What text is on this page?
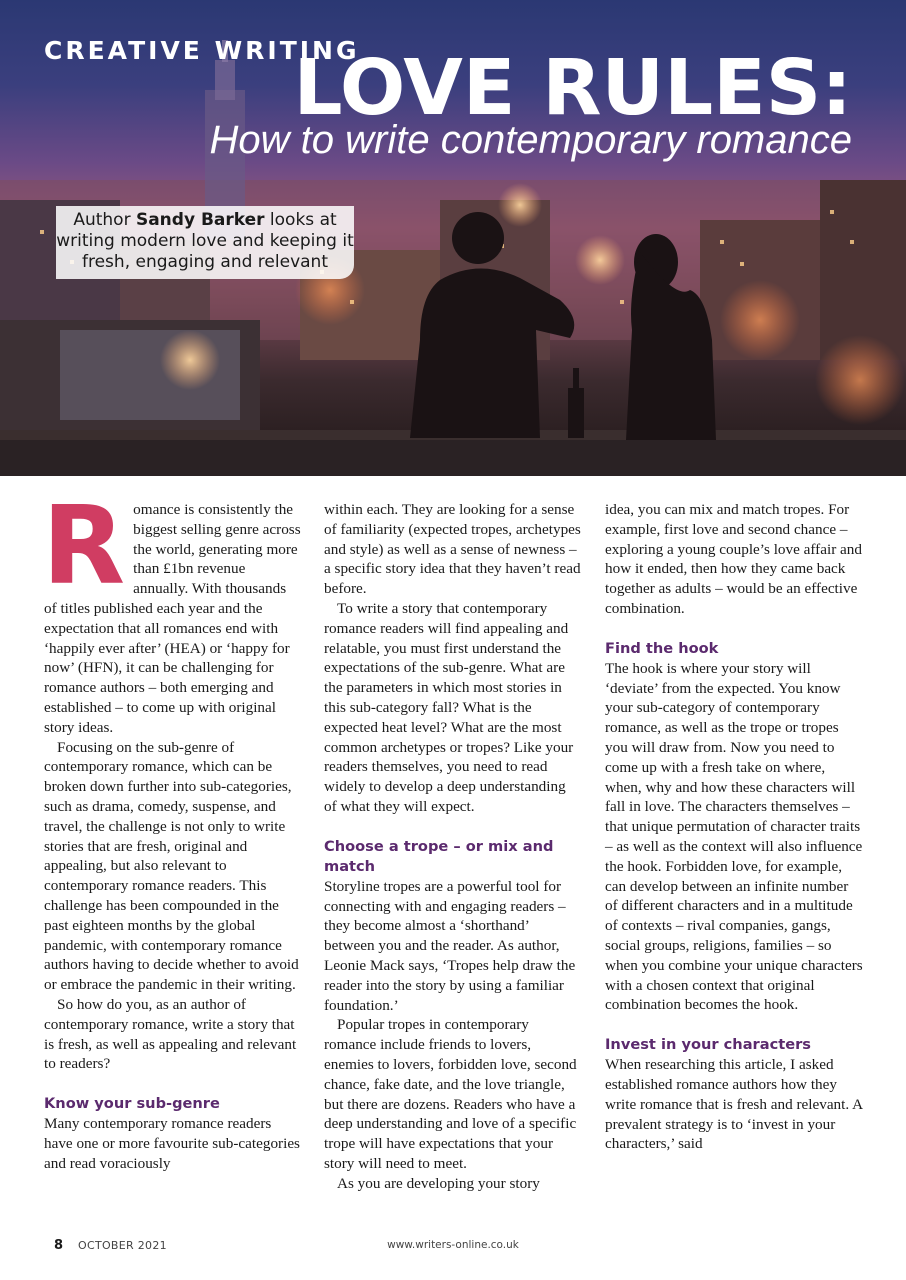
CREATIVE WRITING

LOVE RULES:
How to write contemporary romance
Author Sandy Barker looks at writing modern love and keeping it fresh, engaging and relevant
R omance is consistently the biggest selling genre across the world, generating more than £1bn revenue annually. With thousands of titles published each year and the expectation that all romances end with ‘happily ever after’ (HEA) or ‘happy for now’ (HFN), it can be challenging for romance authors – both emerging and established – to come up with original story ideas.

Focusing on the sub-genre of contemporary romance, which can be broken down further into sub-categories, such as drama, comedy, suspense, and travel, the challenge is not only to write stories that are fresh, original and appealing, but also relevant to contemporary romance readers. This challenge has been compounded in the past eighteen months by the global pandemic, with contemporary romance authors having to decide whether to avoid or embrace the pandemic in their writing.

So how do you, as an author of contemporary romance, write a story that is fresh, as well as appealing and relevant to readers?

Know your sub-genre

Many contemporary romance readers have one or more favourite sub-categories and read voraciously

within each. They are looking for a sense of familiarity (expected tropes, archetypes and style) as well as a sense of newness – a specific story idea that they haven’t read before.

To write a story that contemporary romance readers will find appealing and relatable, you must first understand the expectations of the sub-genre. What are the parameters in which most stories in this sub-category fall? What is the expected heat level? What are the most common archetypes or tropes? Like your readers themselves, you need to read widely to develop a deep understanding of what they will expect.

Choose a trope – or mix and match

Storyline tropes are a powerful tool for connecting with and engaging readers – they become almost a ‘shorthand’ between you and the reader. As author, Leonie Mack says, ‘Tropes help draw the reader into the story by using a familiar foundation.’

Popular tropes in contemporary romance include friends to lovers, enemies to lovers, forbidden love, second chance, fake date, and the love triangle, but there are dozens. Readers who have a deep understanding and love of a specific trope will have expectations that your story will need to meet.

As you are developing your story

idea, you can mix and match tropes. For example, first love and second chance – exploring a young couple’s love affair and how it ended, then how they came back together as adults – would be an effective combination.

Find the hook

The hook is where your story will ‘deviate’ from the expected. You know your sub-category of contemporary romance, as well as the trope or tropes you will draw from. Now you need to come up with a fresh take on where, when, why and how these characters will fall in love. The characters themselves – that unique permutation of character traits – as well as the context will also influence the hook. Forbidden love, for example, can develop between an infinite number of different characters and in a multitude of contexts – rival companies, gangs, social groups, religions, families – so when you combine your unique characters with a chosen context that original combination becomes the hook.

Invest in your characters

When researching this article, I asked established romance authors how they write romance that is fresh and relevant. A prevalent strategy is to ‘invest in your characters,’ said

8 OCTOBER 2021	www.writers-online.co.uk
